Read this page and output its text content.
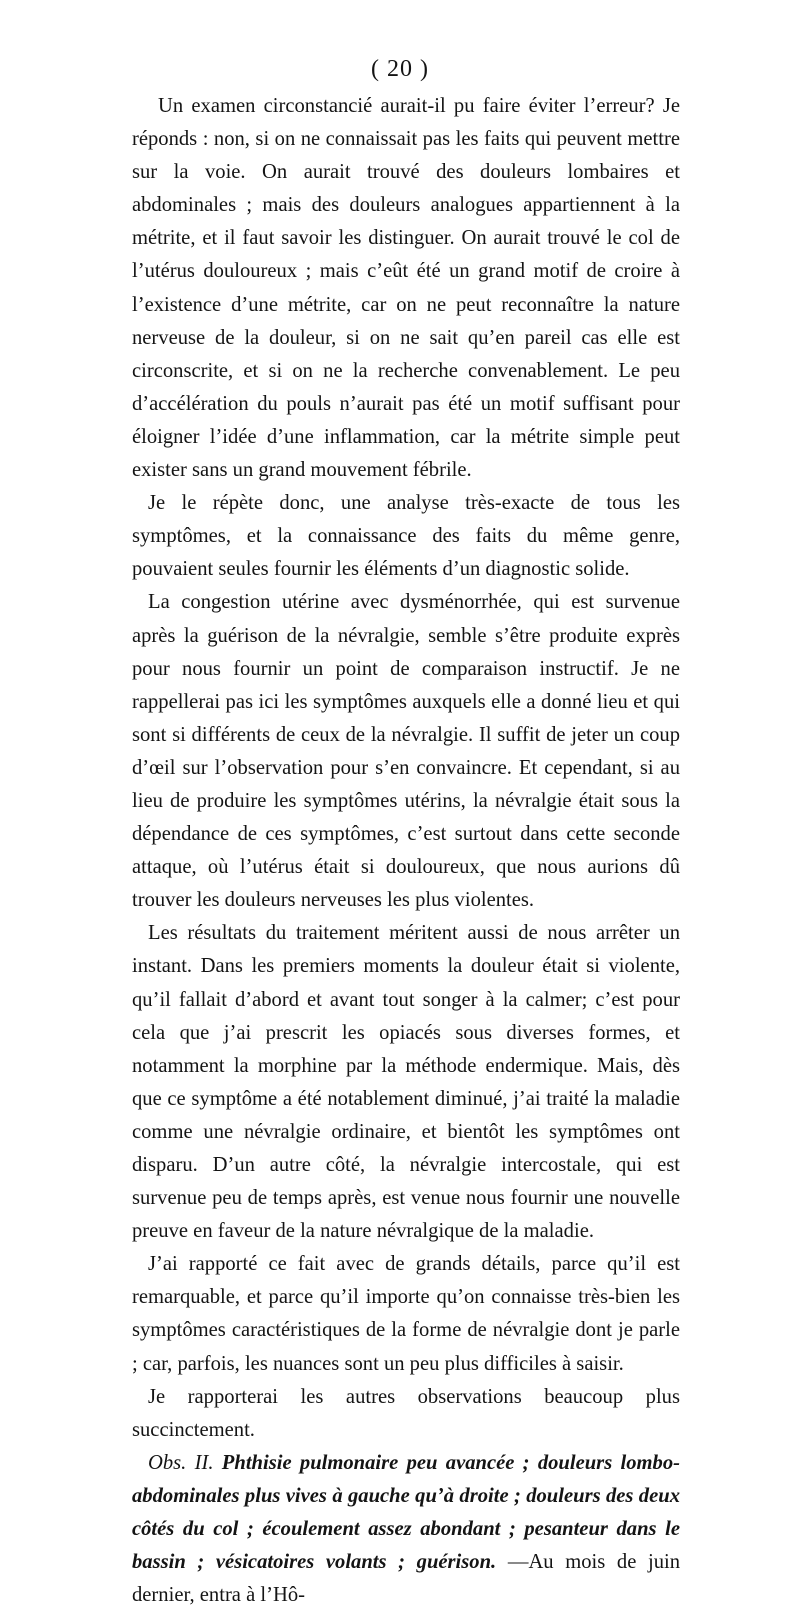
( 20 )

Un examen circonstancié aurait-il pu faire éviter l’erreur? Je réponds : non, si on ne connaissait pas les faits qui peuvent mettre sur la voie. On aurait trouvé des douleurs lombaires et abdominales ; mais des douleurs analogues appartiennent à la métrite, et il faut savoir les distinguer. On aurait trouvé le col de l’utérus douloureux ; mais c’eût été un grand motif de croire à l’existence d’une métrite, car on ne peut reconnaître la nature nerveuse de la douleur, si on ne sait qu’en pareil cas elle est circonscrite, et si on ne la recherche convenablement. Le peu d’accélération du pouls n’aurait pas été un motif suffisant pour éloigner l’idée d’une inflammation, car la métrite simple peut exister sans un grand mouvement fébrile.

Je le répète donc, une analyse très-exacte de tous les symptômes, et la connaissance des faits du même genre, pouvaient seules fournir les éléments d’un diagnostic solide.

La congestion utérine avec dysménorrhée, qui est survenue après la guérison de la névralgie, semble s’être produite exprès pour nous fournir un point de comparaison instructif. Je ne rappellerai pas ici les symptômes auxquels elle a donné lieu et qui sont si différents de ceux de la névralgie. Il suffit de jeter un coup d’œil sur l’observation pour s’en convaincre. Et cependant, si au lieu de produire les symptômes utérins, la névralgie était sous la dépendance de ces symptômes, c’est surtout dans cette seconde attaque, où l’utérus était si douloureux, que nous aurions dû trouver les douleurs nerveuses les plus violentes.

Les résultats du traitement méritent aussi de nous arrêter un instant. Dans les premiers moments la douleur était si violente, qu’il fallait d’abord et avant tout songer à la calmer; c’est pour cela que j’ai prescrit les opiacés sous diverses formes, et notamment la morphine par la méthode endermique. Mais, dès que ce symptôme a été notablement diminué, j’ai traité la maladie comme une névralgie ordinaire, et bientôt les symptômes ont disparu. D’un autre côté, la névralgie intercostale, qui est survenue peu de temps après, est venue nous fournir une nouvelle preuve en faveur de la nature névralgique de la maladie.

J’ai rapporté ce fait avec de grands détails, parce qu’il est remarquable, et parce qu’il importe qu’on connaisse très-bien les symptômes caractéristiques de la forme de névralgie dont je parle ; car, parfois, les nuances sont un peu plus difficiles à saisir.

Je rapporterai les autres observations beaucoup plus succinctement.

Obs. II. Phthisie pulmonaire peu avancée ; douleurs lombo-abdominales plus vives à gauche qu’à droite ; douleurs des deux côtés du col ; écoulement assez abondant ; pesanteur dans le bassin ; vésicatoires volants ; guérison. —Au mois de juin dernier, entra à l’Hô-
